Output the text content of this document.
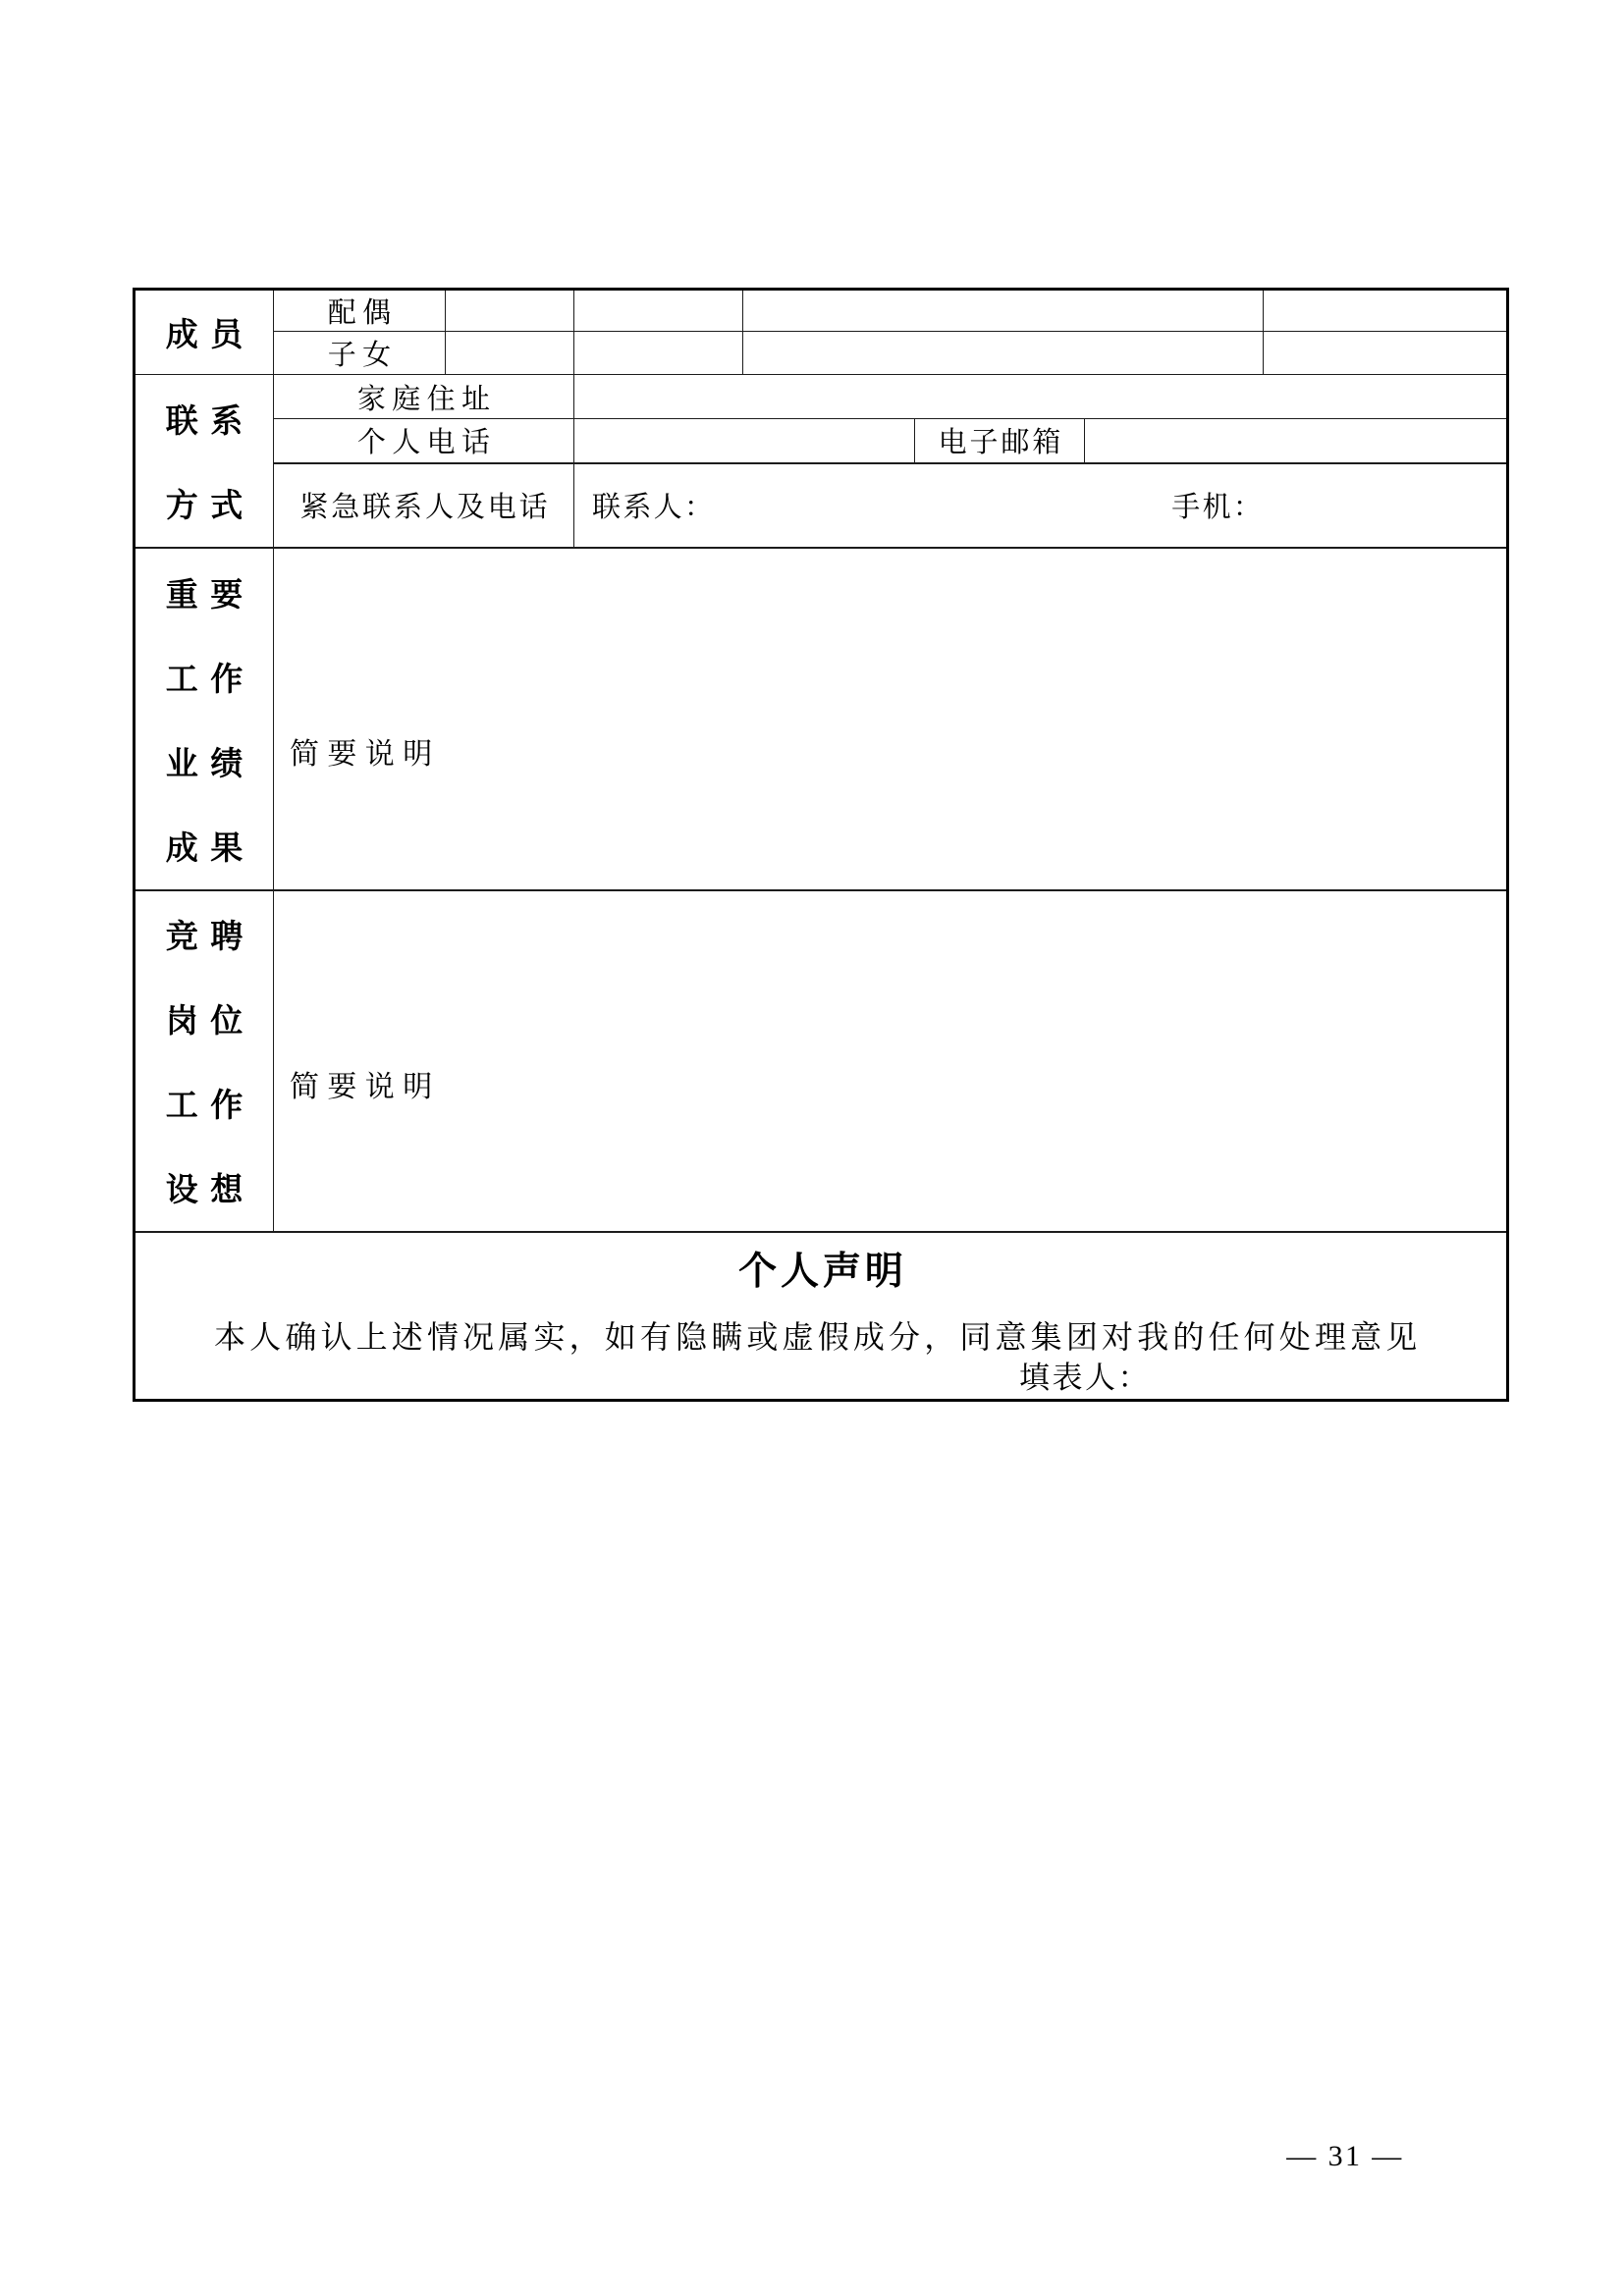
成员	配偶						
	子女						

联系
方式	家庭住址						
	个人电话				电子邮箱		
	紧急联系人及电话		联系人： 手机：				

重要
工作
业绩
成果	简要说明						

竞聘
岗位
工作
设想	简要说明						

个人声明
本人确认上述情况属实，如有隐瞒或虚假成分，同意集团对我的任何处理意见
填表人：							
— 31 —
